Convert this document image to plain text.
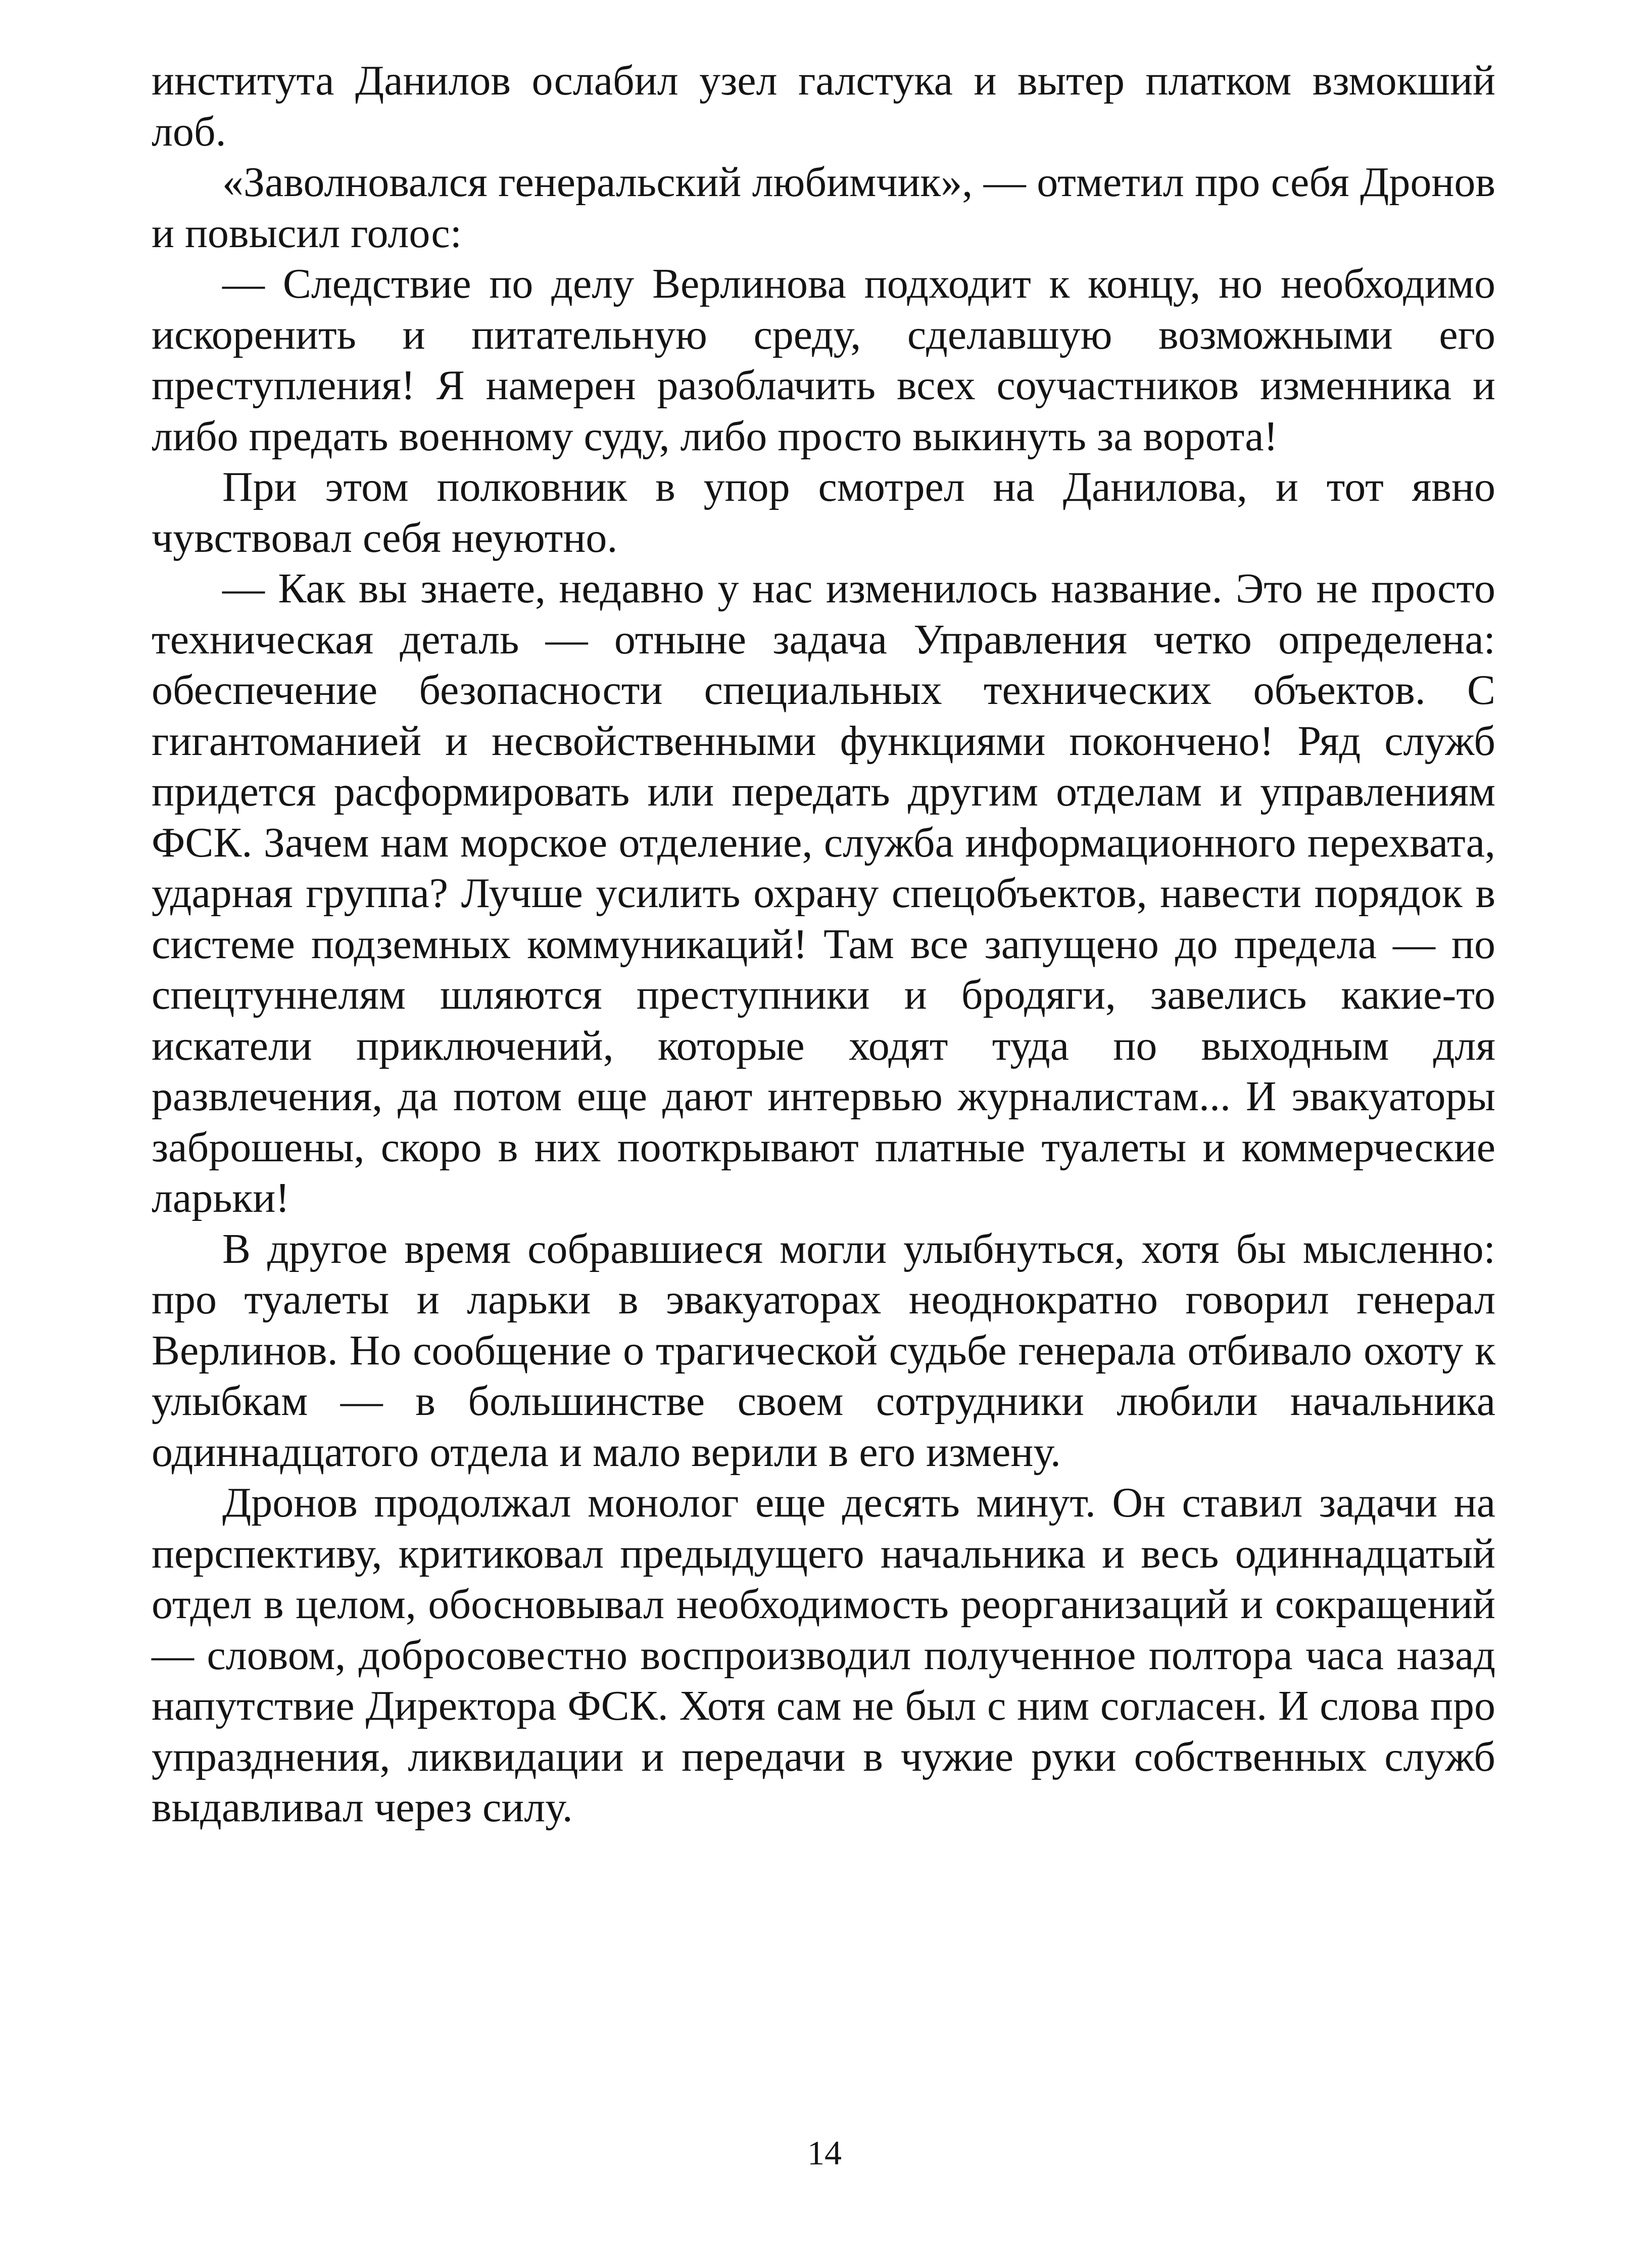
института Данилов ослабил узел галстука и вытер платком взмокший лоб.

«Заволновался генеральский любимчик», — отметил про себя Дронов и повысил голос:

— Следствие по делу Верлинова подходит к концу, но необходимо искоренить и питательную среду, сделавшую возможными его преступления! Я намерен разоблачить всех соучастников изменника и либо предать военному суду, либо просто выкинуть за ворота!

При этом полковник в упор смотрел на Данилова, и тот явно чувствовал себя неуютно.

— Как вы знаете, недавно у нас изменилось название. Это не просто техническая деталь — отныне задача Управления четко определена: обеспечение безопасности специальных технических объектов. С гигантоманией и несвойственными функциями покончено! Ряд служб придется расформировать или передать другим отделам и управлениям ФСК. Зачем нам морское отделение, служба информационного перехвата, ударная группа? Лучше усилить охрану спецобъектов, навести порядок в системе подземных коммуникаций! Там все запущено до предела — по спецтуннелям шляются преступники и бродяги, завелись какие-то искатели приключений, которые ходят туда по выходным для развлечения, да потом еще дают интервью журналистам... И эвакуаторы заброшены, скоро в них пооткрывают платные туалеты и коммерческие ларьки!

В другое время собравшиеся могли улыбнуться, хотя бы мысленно: про туалеты и ларьки в эвакуаторах неоднократно говорил генерал Верлинов. Но сообщение о трагической судьбе генерала отбивало охоту к улыбкам — в большинстве своем сотрудники любили начальника одиннадцатого отдела и мало верили в его измену.

Дронов продолжал монолог еще десять минут. Он ставил задачи на перспективу, критиковал предыдущего начальника и весь одиннадцатый отдел в целом, обосновывал необходимость реорганизаций и сокращений — словом, добросовестно воспроизводил полученное полтора часа назад напутствие Директора ФСК. Хотя сам не был с ним согласен. И слова про упразднения, ликвидации и передачи в чужие руки собственных служб выдавливал через силу.

14
